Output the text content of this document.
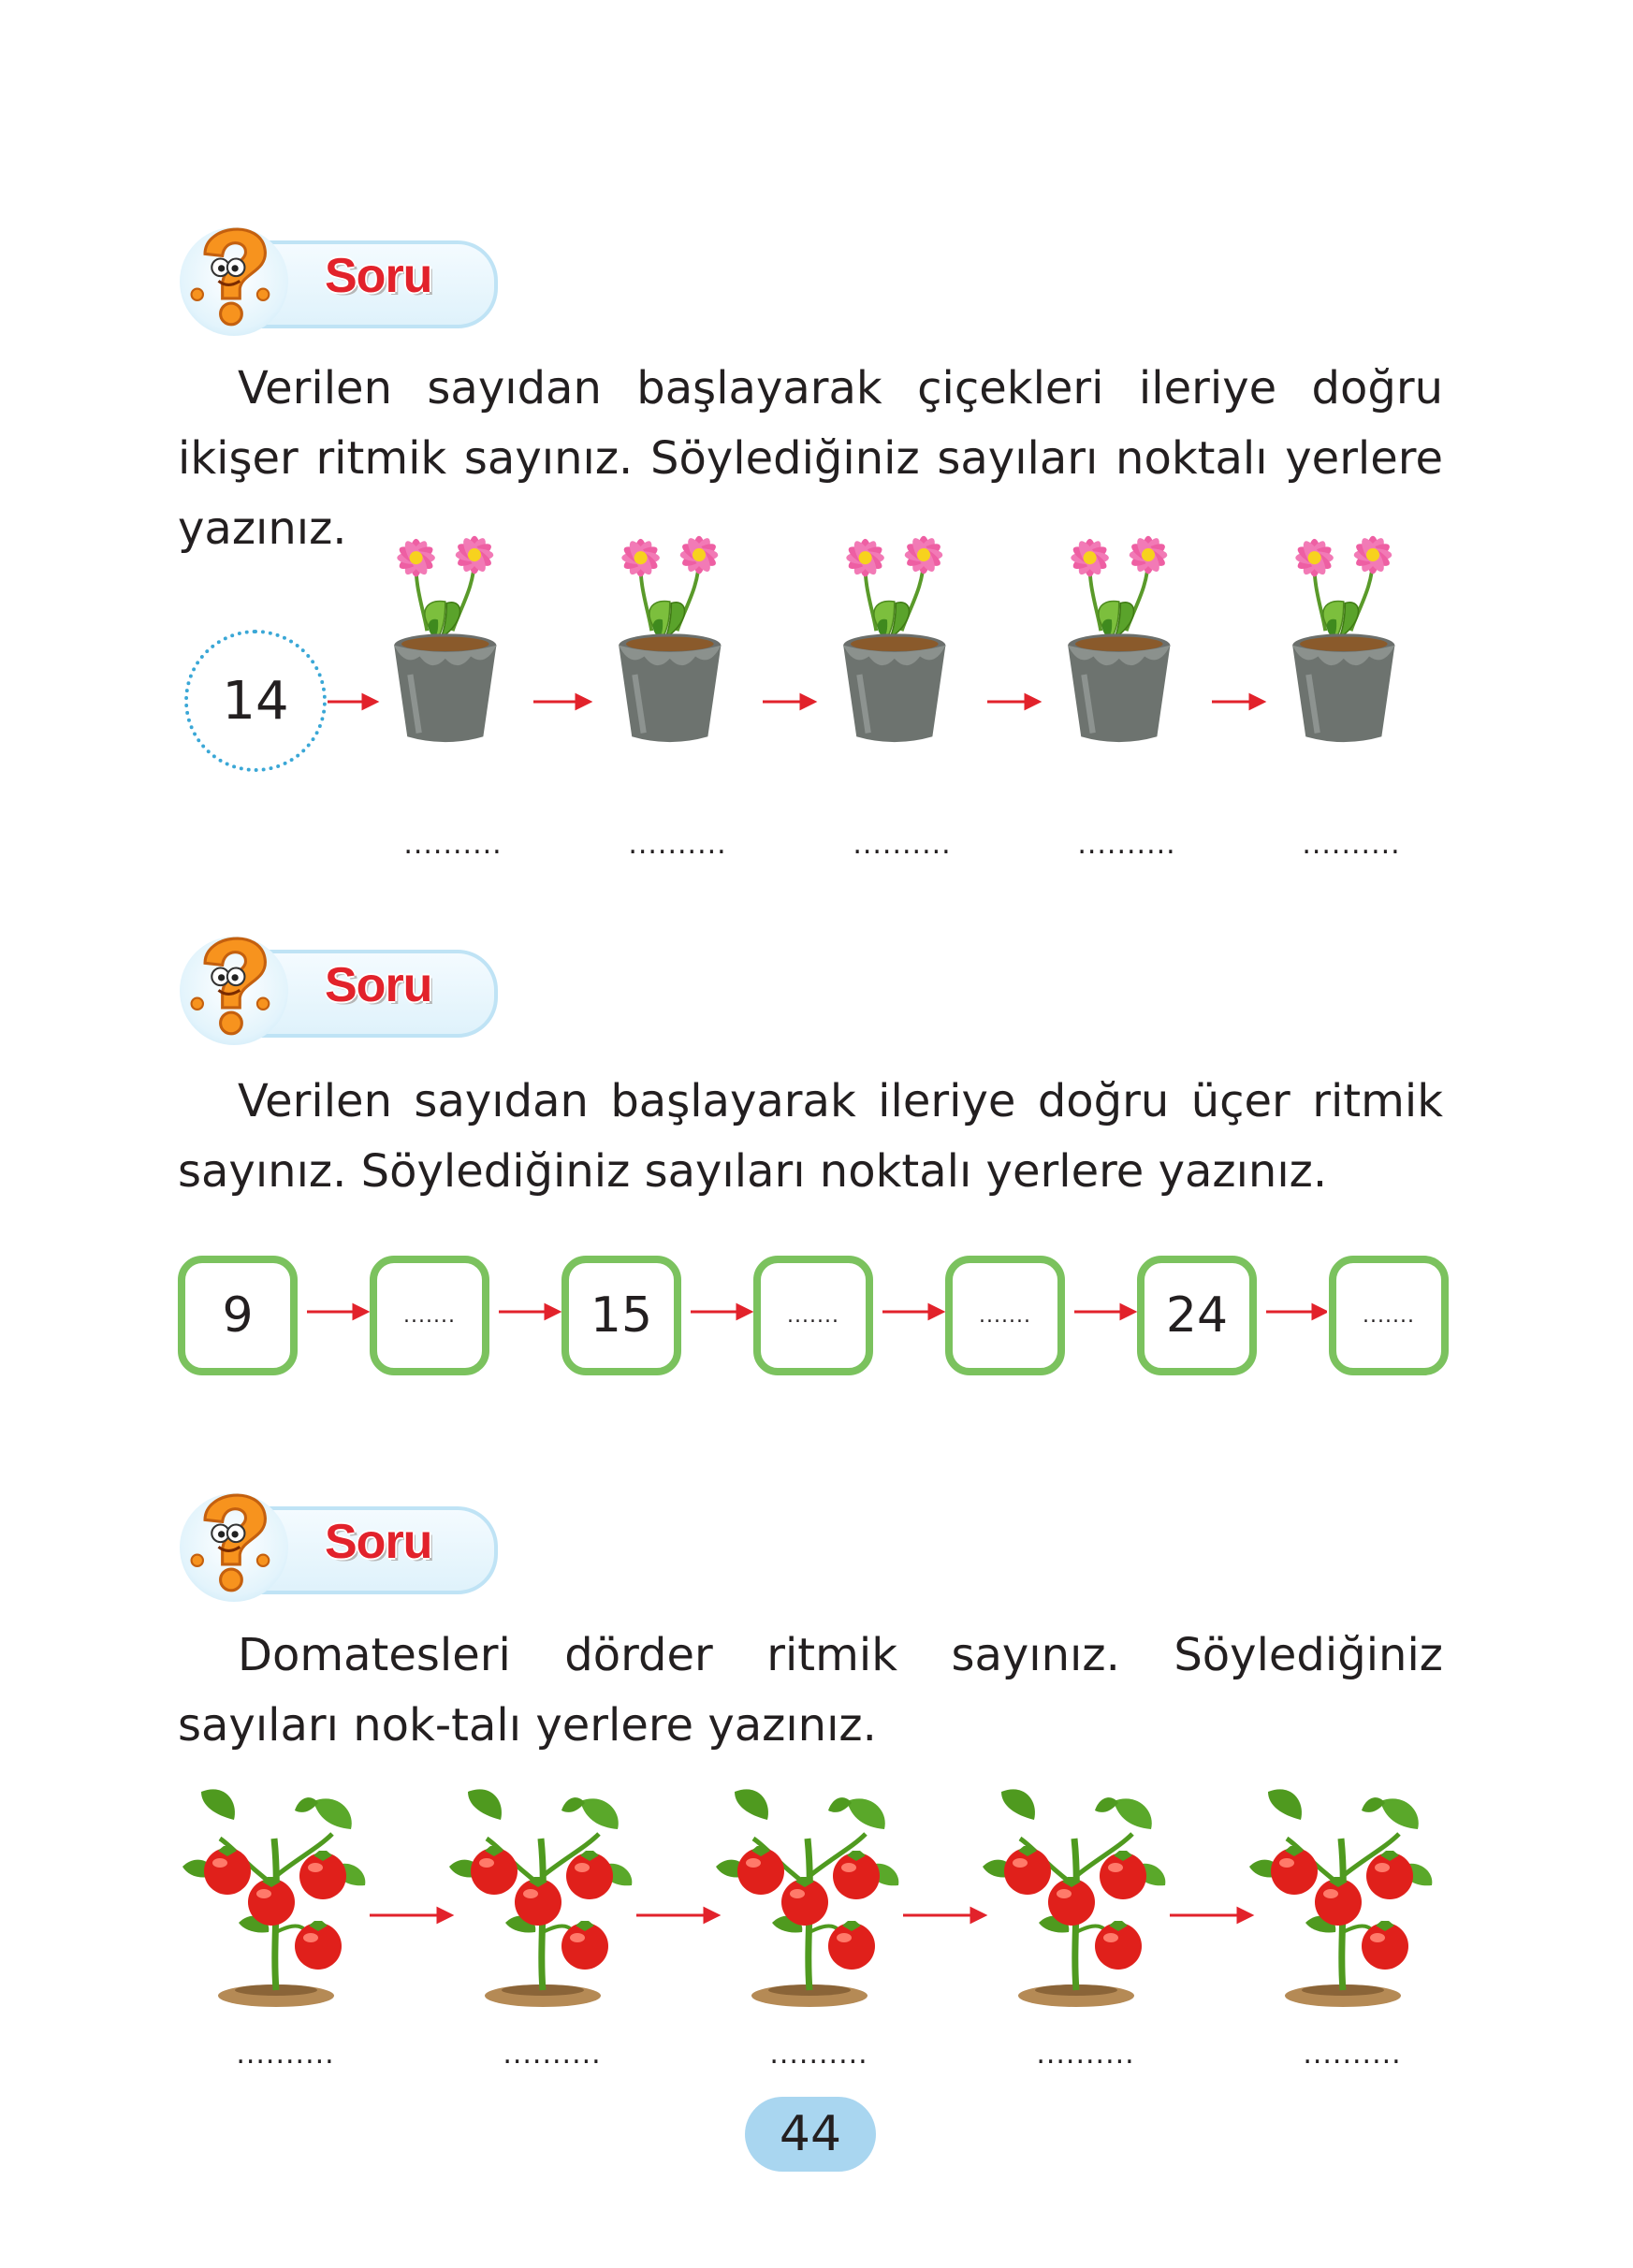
Soru
Verilen sayıdan başlayarak çiçekleri ileriye doğru ikişer ritmik sayınız. Söylediğiniz sayıları noktalı yerlere yazınız.
14
..........	..........	..........	..........	..........
Soru
Verilen sayıdan başlayarak ileriye doğru üçer ritmik sayınız. Söylediğiniz sayıları noktalı yerlere yazınız.
9	.......	15	.......	.......	24	.......
Soru
Domatesleri dörder ritmik sayınız. Söylediğiniz sayıları nok-talı yerlere yazınız.
..........	..........	..........	..........	..........
44
